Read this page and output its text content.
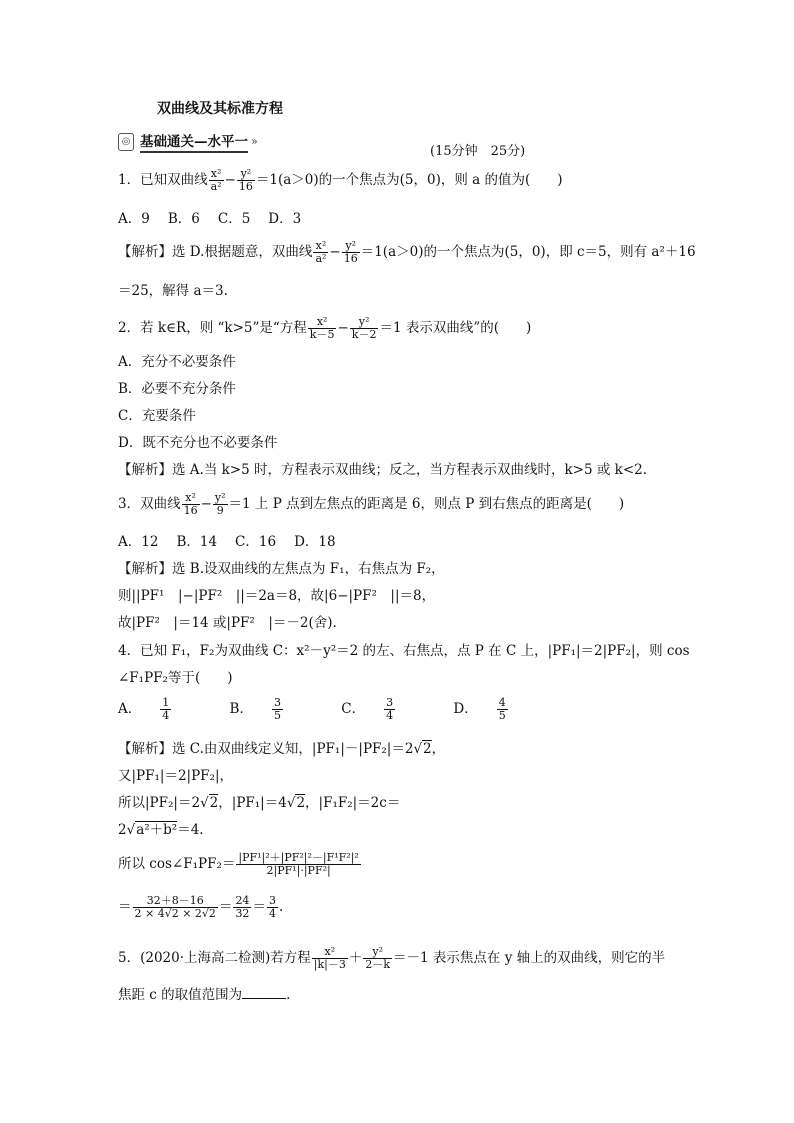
双曲线及其标准方程
◎ 基础通关—水平一 »
(15分钟　25分)
1．已知双曲线 $\frac{\text{x²}}{\text{a²}} - \frac{\text{y²}}{16} =1(a>0)$的一个焦点为(5，0)，则 a 的值为(　　)
A．9 B．6 C．5 D．3
【解析】选 D.根据题意，双曲线 $\frac{\text{x²}}{\text{a²}} - \frac{\text{y²}}{16} =1(a>0)$的一个焦点为(5，0)，即 c＝5，则有 a²＋16
＝25，解得 a＝3.
2．若 k∈R，则 “k>5”是“方程 $\frac{\text{x²}}{k-5} - \frac{\text{y²}}{k-2} =1$ 表示双曲线”的(　　)
A．充分不必要条件
B．必要不充分条件
C．充要条件
D．既不充分也不必要条件
【解析】选 A.当 k>5 时，方程表示双曲线；反之，当方程表示双曲线时，k>5 或 k<2.
3．双曲线 $\frac{\text{x²}}{16} - \frac{\text{y²}}{9} =1$ 上 P 点到左焦点的距离是 6，则点 P 到右焦点的距离是(　　)
A．12 B．14 C．16 D．18
【解析】选 B.设双曲线的左焦点为 F₁，右焦点为 F₂，
则||PF¹　|−|PF²　||＝2a＝8，故|6−|PF²　||＝8，
故|PF²　|＝14 或|PF²　|＝－2(舍).
4．已知 F₁，F₂为双曲线 C：x²－y²＝2 的左、右焦点，点 P 在 C 上，|PF₁|＝2|PF₂|，则 cos
∠F₁PF₂等于(　　)
A． $\frac{1}{4}$	B． $\frac{3}{5}$	C． $\frac{3}{4}$	D． $\frac{4}{5}$
【解析】选 C.由双曲线定义知，|PF₁|－|PF₂|＝2√2，
又|PF₁|＝2|PF₂|，
所以|PF₂|＝2√2，|PF₁|＝4√2，|F₁F₂|＝2c＝
2√a²＋b²＝4.
所以 cos∠F₁PF₂＝ $\frac{\text{|PF¹|²＋|PF²|²－|F¹F²|²}}{\text{2|PF¹|·|PF²|}}$
＝ $\frac{32+8-16}{2 \times 4√2 \times 2√2} = \frac{24}{32} = \frac{3}{4}$ .
5．(2020·上海高二检测)若方程 $\frac{\text{x²}}{|k|-3} + \frac{\text{y²}}{2-k} =-1$ 表示焦点在 y 轴上的双曲线，则它的半
焦距 c 的取值范围为	.
